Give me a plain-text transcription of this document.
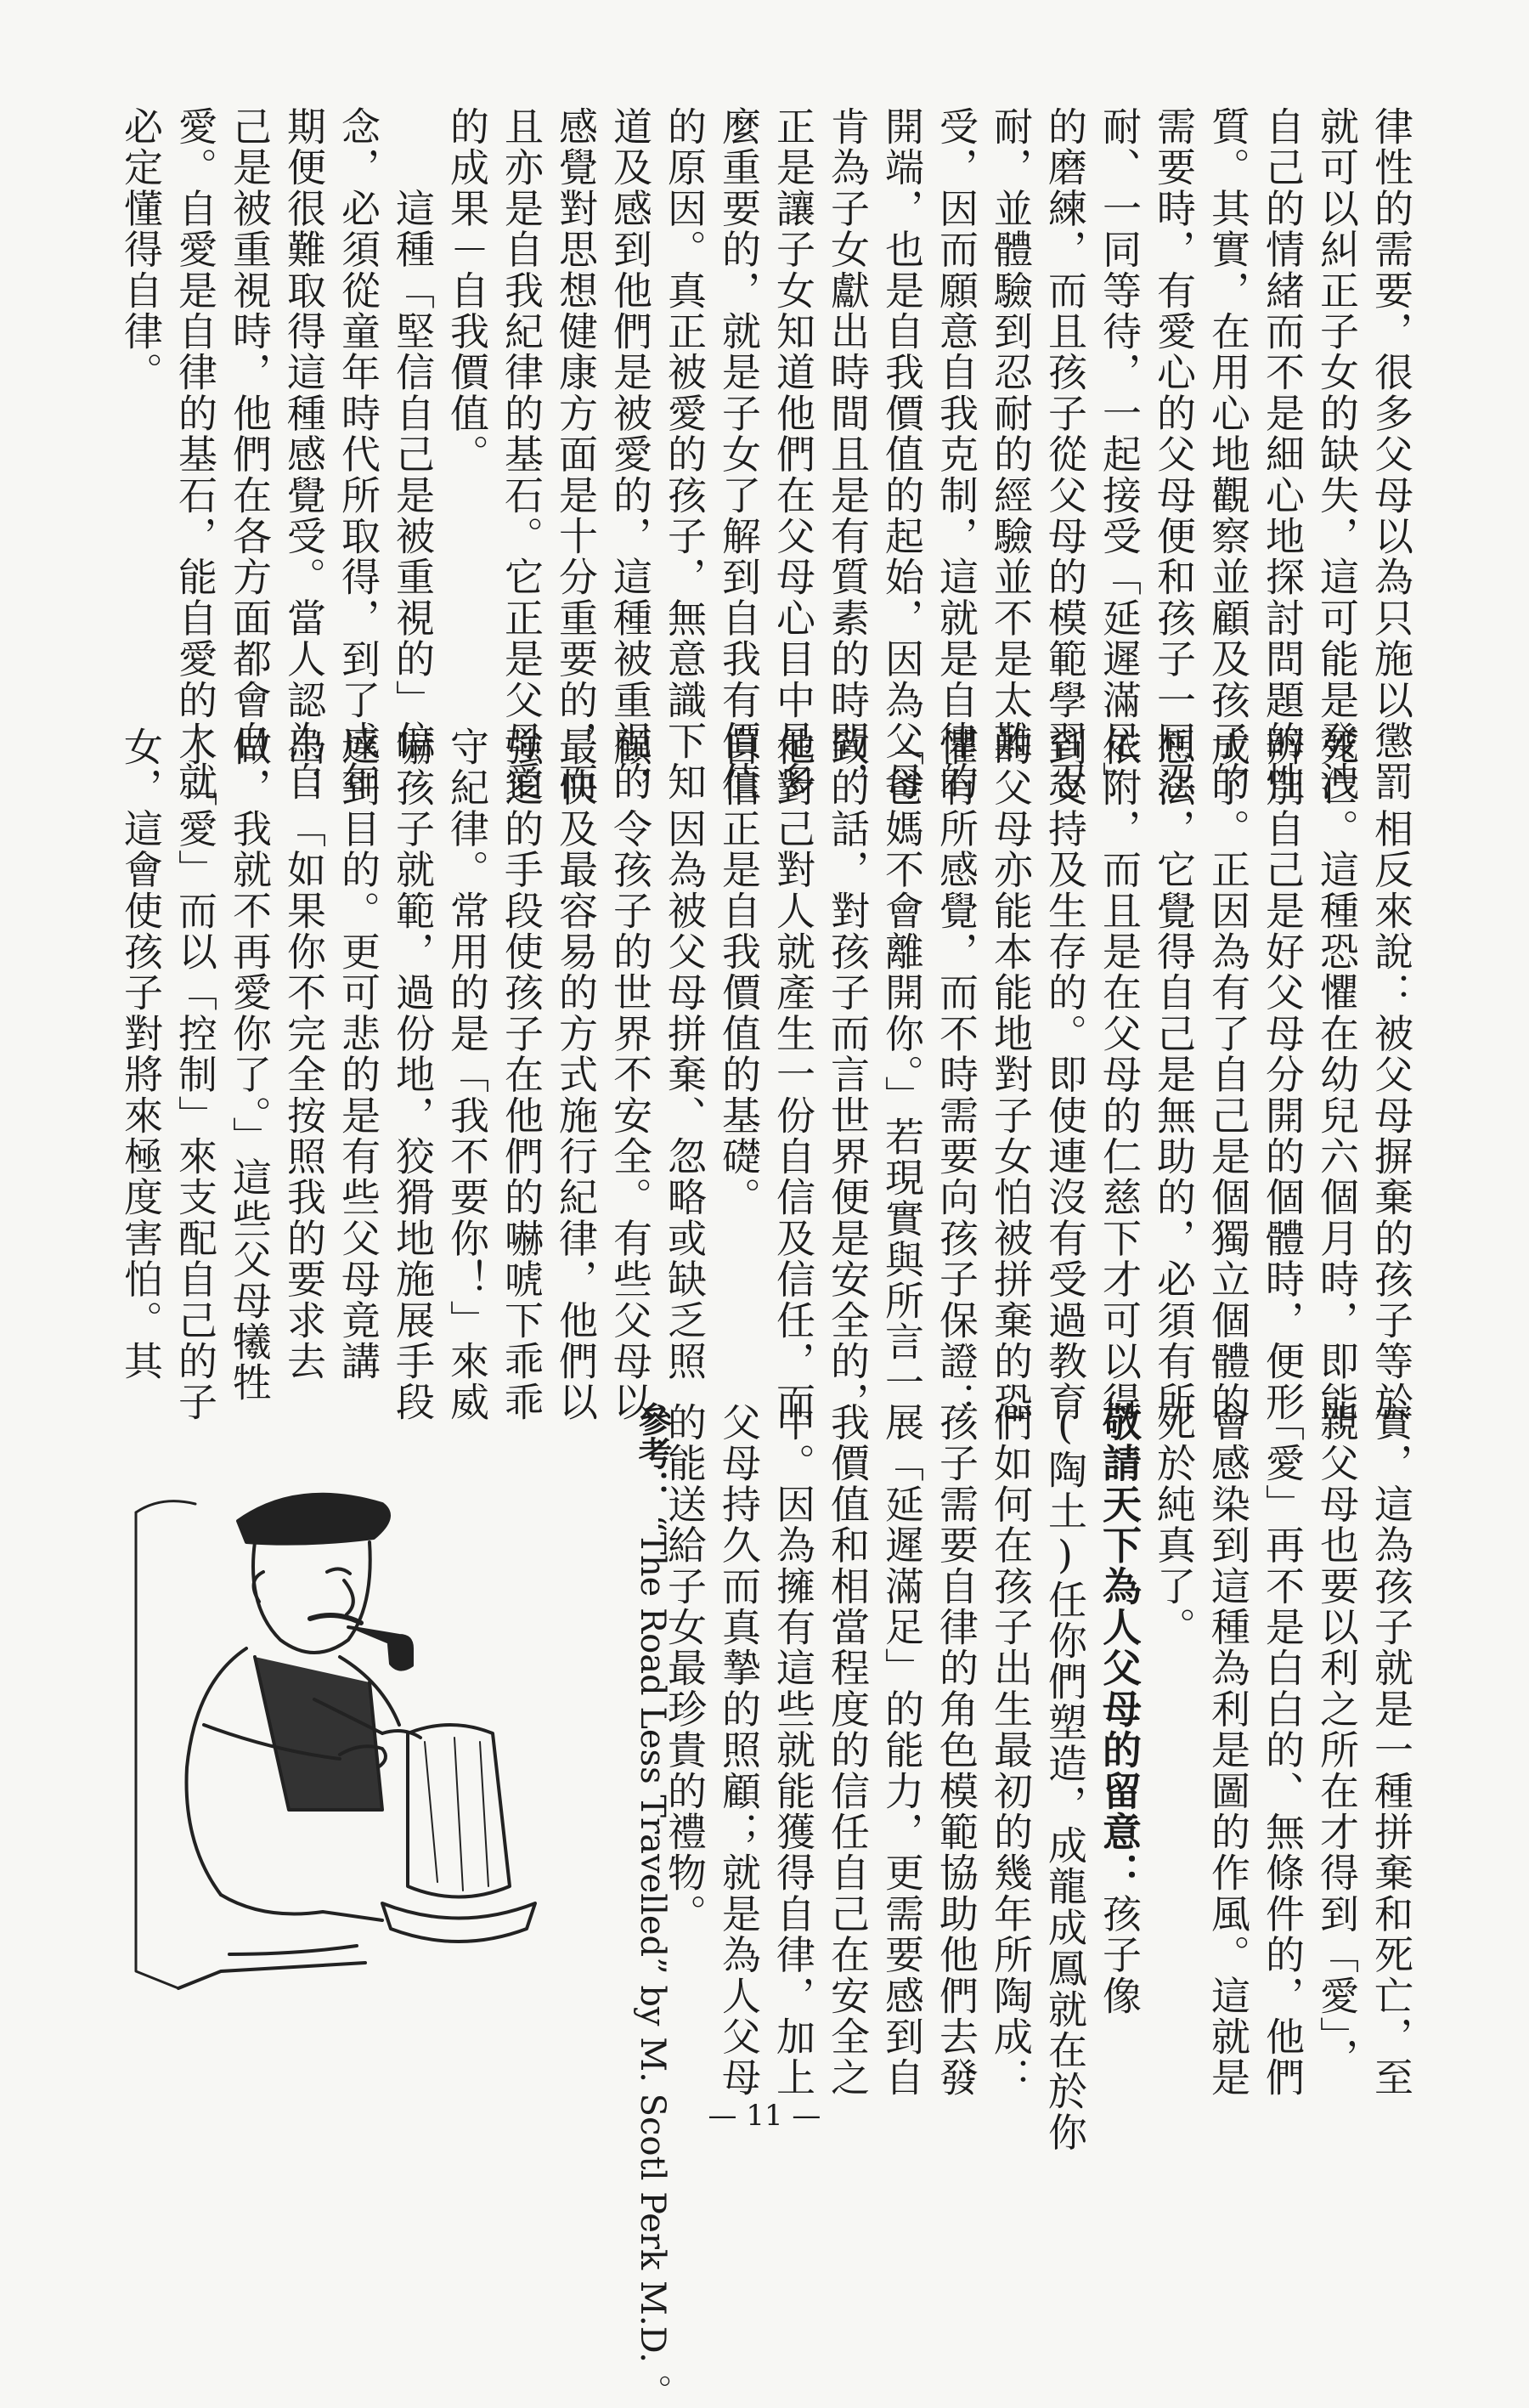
律性的需要，很多父母以為只施以懲罰

就可以糾正子女的缺失，這可能是發洩

自己的情緒而不是細心地探討問題的性

質。其實，在用心地觀察並顧及孩子的

需要時，有愛心的父母便和孩子一同忍

耐、一同等待，一起接受「延遲滿足」

的磨練，而且孩子從父母的模範學習忍

耐，並體驗到忍耐的經驗並不是太難

受，因而願意自我克制，這就是自律的

開端，也是自我價值的起始，因為父母

肯為子女獻出時間且是有質素的時間，

正是讓子女知道他們在父母心目中是多

麼重要的，就是子女了解到自我有價值

的原因。真正被愛的孩子，無意識下知

道及感到他們是被愛的，這種被重視的

感覺對思想健康方面是十分重要的，而

且亦是自我紀律的基石。它正是父母愛

的成果－自我價值。

　　這種「堅信自己是被重視的」信

念，必須從童年時代所取得，到了成年

期便很難取得這種感覺受。當人認為自

己是被重視時，他們在各方面都會自

愛。自愛是自律的基石，能自愛的人就

必定懂得自律。

　　相反來說：被父母摒棄的孩子等於

死亡。這種恐懼在幼兒六個月時，即能

辨別自己是好父母分開的個體時，便形

成了。正因為有了自己是個獨立個體的

想法，它覺得自己是無助的，必須有所

依附，而且是在父母的仁慈下才可以得

到支持及生存的。即使連沒有受過教育

的父母亦能本能地對子女怕被拼棄的恐

懼有所感覺，而不時需要向孩子保證：

「爸媽不會離開你。」若現實與所言一

致的話，對孩子而言世界便是安全的，

他對己對人就產生一份自信及信任，而

自信正是自我價值的基礎。

　　因為被父母拼棄、忽略或缺乏照

顧，令孩子的世界不安全。有些父母以

最快及最容易的方式施行紀律，他們以

強迫的手段使孩子在他們的嚇唬下乖乖

守紀律。常用的是「我不要你！」來威

嚇孩子就範，過份地，狡猾地施展手段

達到目的。更可悲的是有些父母竟講

出：「如果你不完全按照我的要求去

做，我就不再愛你了。」這些父母犧牲

了「愛」而以「控制」來支配自己的子

女，這會使孩子對將來極度害怕。其

實，這為孩子就是一種拼棄和死亡，至

親父母也要以利之所在才得到「愛」，

「愛」再不是白白的、無條件的，他們

會感染到這種為利是圖的作風。這就是

死於純真了。

敬請天下為人父母的留意：孩子像

(陶土)任你們塑造，成龍成鳳就在於你

們如何在孩子出生最初的幾年所陶成：

孩子需要自律的角色模範協助他們去發

展「延遲滿足」的能力，更需要感到自

我價值和相當程度的信任自己在安全之

中。因為擁有這些就能獲得自律，加上

父母持久而真摯的照顧；就是為人父母

的能送給子女最珍貴的禮物。

參考： “The Road Less Travelled” by M. Scotl Perk M.D. 。	— 11 —
